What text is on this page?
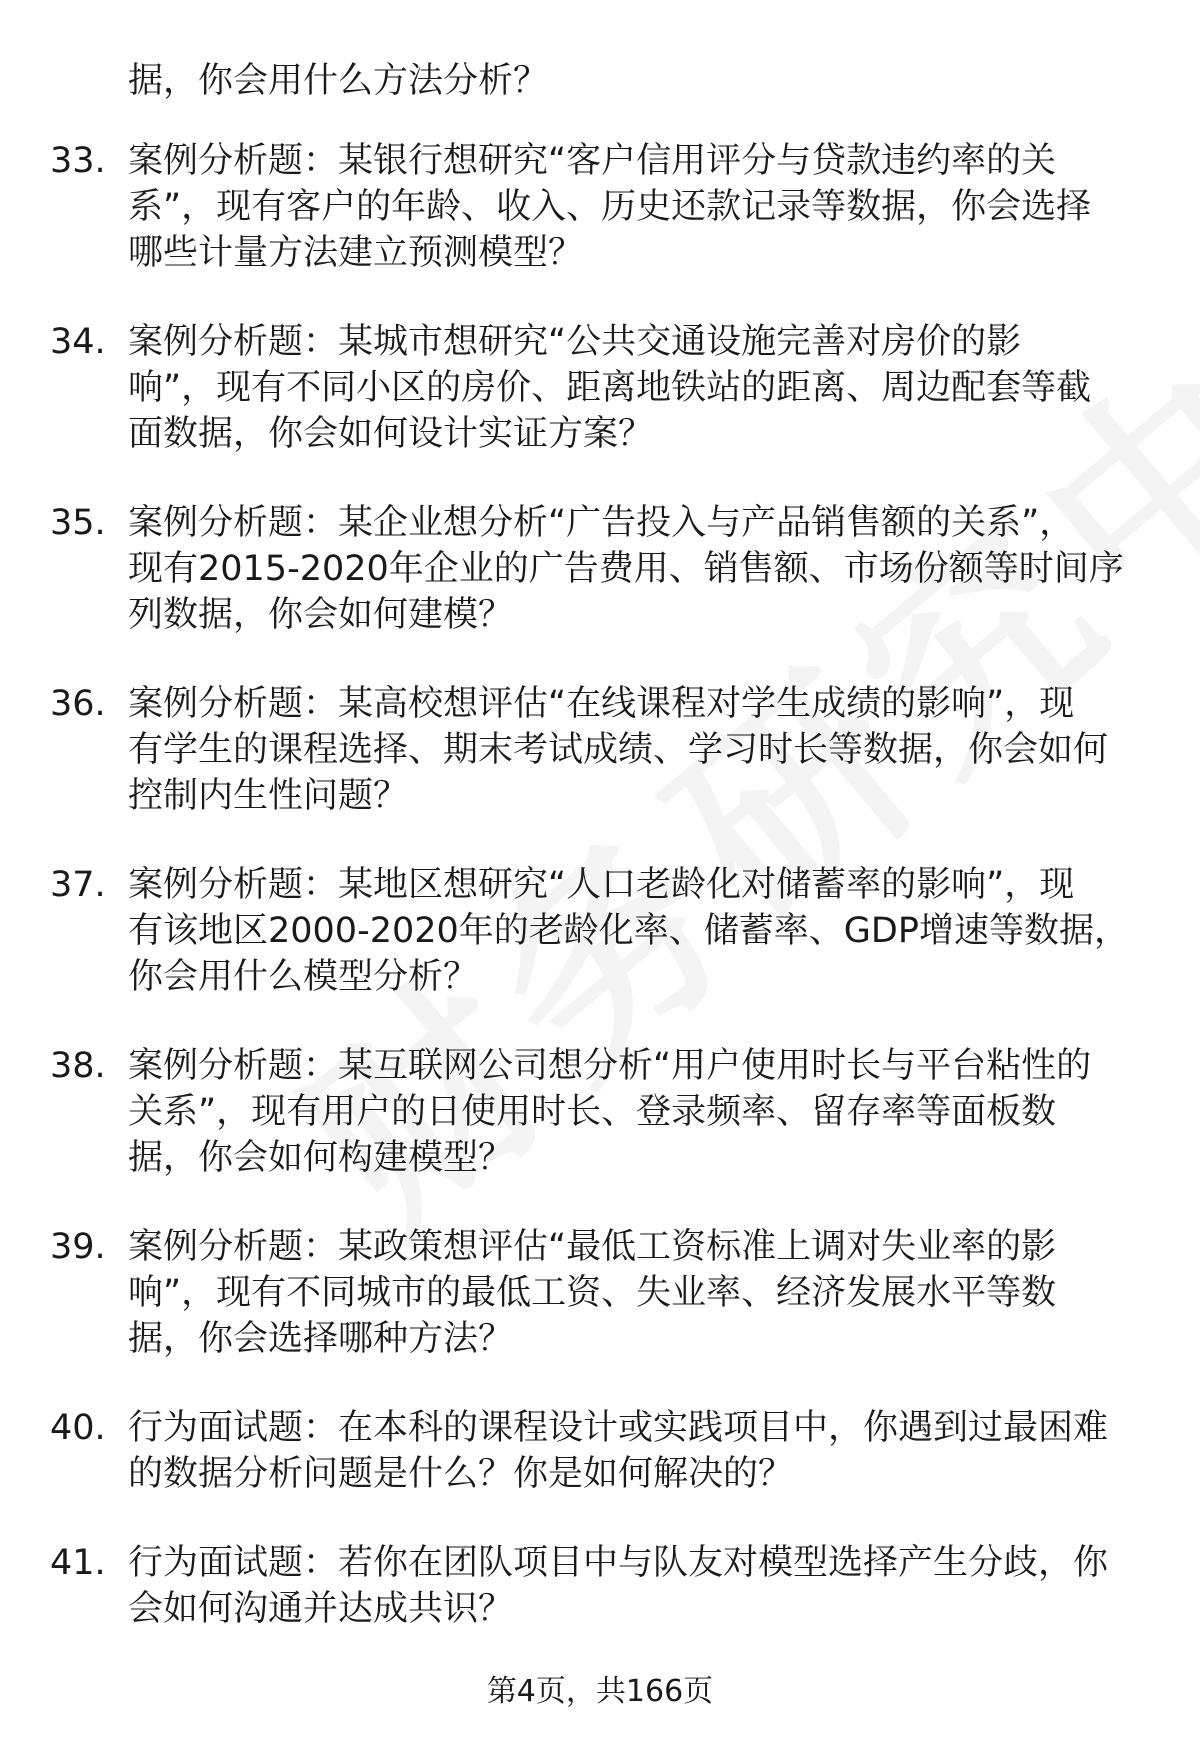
据，你会用什么方法分析？
33. 案例分析题：某银行想研究“客户信用评分与贷款违约率的关
系”，现有客户的年龄、收入、历史还款记录等数据，你会选择
哪些计量方法建立预测模型？
34. 案例分析题：某城市想研究“公共交通设施完善对房价的影
响”，现有不同小区的房价、距离地铁站的距离、周边配套等截
面数据，你会如何设计实证方案？
35. 案例分析题：某企业想分析“广告投入与产品销售额的关系”，
现有2015-2020年企业的广告费用、销售额、市场份额等时间序
列数据，你会如何建模？
36. 案例分析题：某高校想评估“在线课程对学生成绩的影响”，现
有学生的课程选择、期末考试成绩、学习时长等数据，你会如何
控制内生性问题？
37. 案例分析题：某地区想研究“人口老龄化对储蓄率的影响”，现
有该地区2000-2020年的老龄化率、储蓄率、GDP增速等数据，
你会用什么模型分析？
38. 案例分析题：某互联网公司想分析“用户使用时长与平台粘性的
关系”，现有用户的日使用时长、登录频率、留存率等面板数
据，你会如何构建模型？
39. 案例分析题：某政策想评估“最低工资标准上调对失业率的影
响”，现有不同城市的最低工资、失业率、经济发展水平等数
据，你会选择哪种方法？
40. 行为面试题：在本科的课程设计或实践项目中，你遇到过最困难
的数据分析问题是什么？你是如何解决的？
41. 行为面试题：若你在团队项目中与队友对模型选择产生分歧，你
会如何沟通并达成共识？
第4页，共166页
